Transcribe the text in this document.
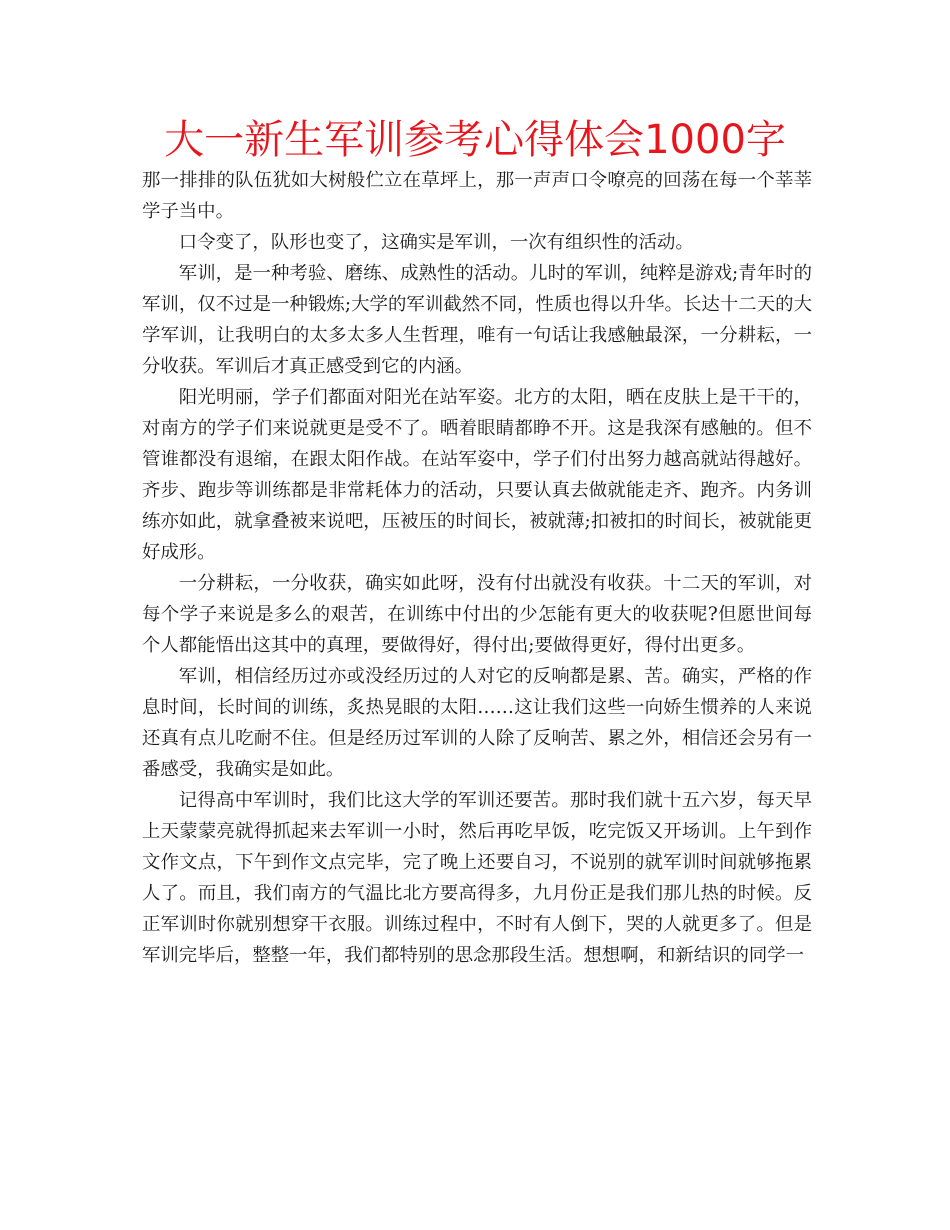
大一新生军训参考心得体会1000字

那一排排的队伍犹如大树般伫立在草坪上，那一声声口令嘹亮的回荡在每一个莘莘学子当中。

口令变了，队形也变了，这确实是军训，一次有组织性的活动。

军训，是一种考验、磨练、成熟性的活动。儿时的军训，纯粹是游戏;青年时的军训，仅不过是一种锻炼;大学的军训截然不同，性质也得以升华。长达十二天的大学军训，让我明白的太多太多人生哲理，唯有一句话让我感触最深，一分耕耘，一分收获。军训后才真正感受到它的内涵。

阳光明丽，学子们都面对阳光在站军姿。北方的太阳，晒在皮肤上是干干的，对南方的学子们来说就更是受不了。晒着眼睛都睁不开。这是我深有感触的。但不管谁都没有退缩，在跟太阳作战。在站军姿中，学子们付出努力越高就站得越好。齐步、跑步等训练都是非常耗体力的活动，只要认真去做就能走齐、跑齐。内务训练亦如此，就拿叠被来说吧，压被压的时间长，被就薄;扣被扣的时间长，被就能更好成形。

一分耕耘，一分收获，确实如此呀，没有付出就没有收获。十二天的军训，对每个学子来说是多么的艰苦，在训练中付出的少怎能有更大的收获呢?但愿世间每个人都能悟出这其中的真理，要做得好，得付出;要做得更好，得付出更多。

军训，相信经历过亦或没经历过的人对它的反响都是累、苦。确实，严格的作息时间，长时间的训练，炙热晃眼的太阳……这让我们这些一向娇生惯养的人来说还真有点儿吃耐不住。但是经历过军训的人除了反响苦、累之外，相信还会另有一番感受，我确实是如此。

记得高中军训时，我们比这大学的军训还要苦。那时我们就十五六岁，每天早上天蒙蒙亮就得抓起来去军训一小时，然后再吃早饭，吃完饭又开场训。上午到作文作文点，下午到作文点完毕，完了晚上还要自习，不说别的就军训时间就够拖累人了。而且，我们南方的气温比北方要高得多，九月份正是我们那儿热的时候。反正军训时你就别想穿干衣服。训练过程中，不时有人倒下，哭的人就更多了。但是军训完毕后，整整一年，我们都特别的思念那段生活。想想啊，和新结识的同学一
